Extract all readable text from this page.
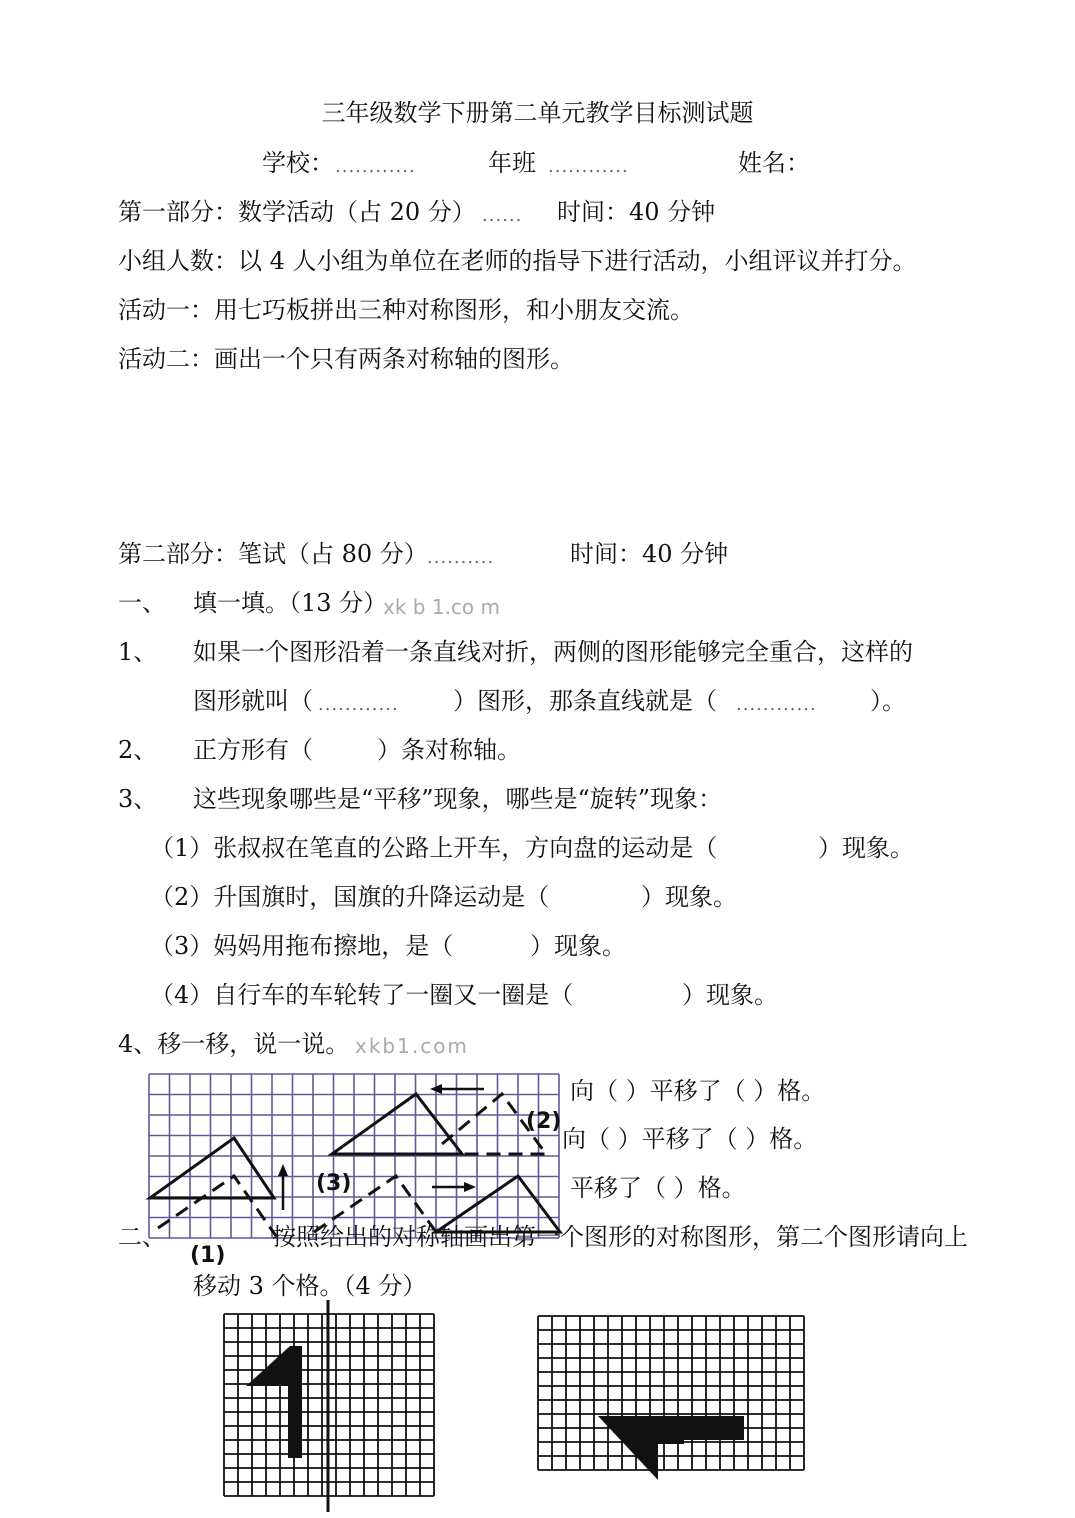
三年级数学下册第二单元教学目标测试题
学校： ............	年班 ............	姓名：
第一部分：数学活动（占 20 分） ...... 时间：40 分钟
小组人数：以 4 人小组为单位在老师的指导下进行活动，小组评议并打分。
活动一：用七巧板拼出三种对称图形，和小朋友交流。
活动二：画出一个只有两条对称轴的图形。
第二部分：笔试（占 80 分） ..........	时间：40 分钟
一、 填一填。（13 分）
xk b 1.co m
1、 如果一个图形沿着一条直线对折，两侧的图形能够完全重合，这样的
图形就叫（ ............ ）图形，那条直线就是（ ............ ）。
2、 正方形有（	）条对称轴。
3、 这些现象哪些是“平移”现象，哪些是“旋转”现象：
（1）张叔叔在笔直的公路上开车，方向盘的运动是（	）现象。
（2）升国旗时，国旗的升降运动是（	）现象。
（3）妈妈用拖布擦地，是（	）现象。
（4）自行车的车轮转了一圈又一圈是（	）现象。
4、移一移，说一说。 xkb1.com
向（ ）平移了（ ）格。
向（ ）平移了（ ）格。
平移了（ ）格。
(2)
(3)
(1)
二、	按照给出的对称轴画出第一个图形的对称图形，第二个图形请向上
移动 3 个格。（4 分）
